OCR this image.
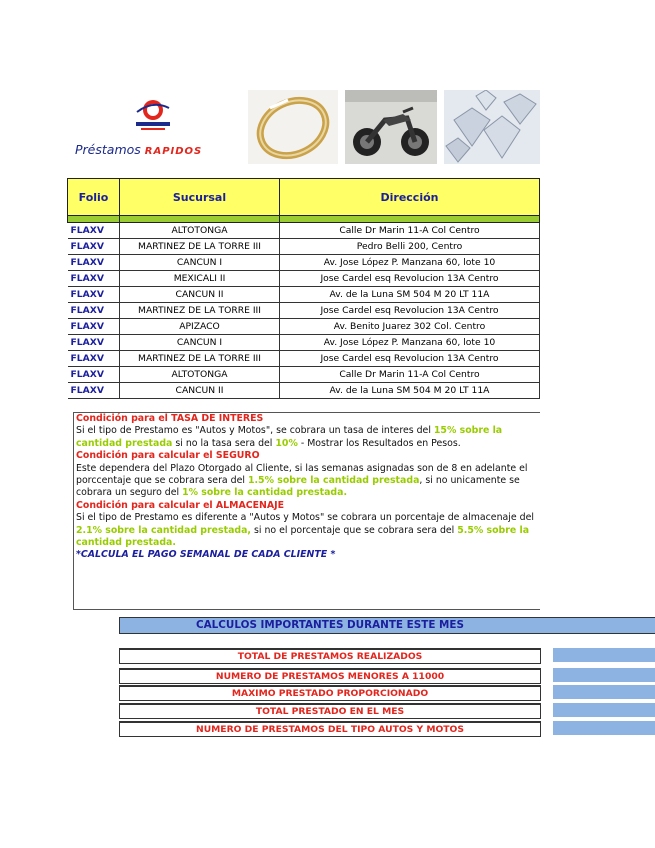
Préstamos RAPIDOS
Folio	Sucursal	Dirección

FLAXV	ALTOTONGA	Calle Dr Marin 11-A Col Centro
FLAXV	MARTINEZ DE LA TORRE III	Pedro Belli 200, Centro
FLAXV	CANCUN I	Av. Jose López P. Manzana 60, lote 10
FLAXV	MEXICALI II	Jose Cardel esq Revolucion 13A Centro
FLAXV	CANCUN II	Av. de la Luna SM 504 M 20 LT 11A
FLAXV	MARTINEZ DE LA TORRE III	Jose Cardel esq Revolucion 13A Centro
FLAXV	APIZACO	Av. Benito Juarez 302 Col. Centro
FLAXV	CANCUN I	Av. Jose López P. Manzana 60, lote 10
FLAXV	MARTINEZ DE LA TORRE III	Jose Cardel esq Revolucion 13A Centro
FLAXV	ALTOTONGA	Calle Dr Marin 11-A Col Centro
FLAXV	CANCUN II	Av. de la Luna SM 504 M 20 LT 11A
Condición para el TASA DE INTERES
Si el tipo de Prestamo es "Autos y Motos", se cobrara un tasa de interes del 15% sobre la
cantidad prestada si no la tasa sera del 10% - Mostrar los Resultados en Pesos.
Condición para calcular el SEGURO
Este dependera del Plazo Otorgado al Cliente, si las semanas asignadas son de 8 en adelante el
porccentaje que se cobrara sera del 1.5% sobre la cantidad prestada, si no unicamente se
cobrara un seguro del 1% sobre la cantidad prestada.
Condición para calcular el ALMACENAJE
Si el tipo de Prestamo es diferente a "Autos y Motos" se cobrara un porcentaje de almacenaje del
2.1% sobre la cantidad prestada, si no el porcentaje que se cobrara sera del 5.5% sobre la
cantidad prestada.
*CALCULA EL PAGO SEMANAL DE CADA CLIENTE *
CALCULOS IMPORTANTES DURANTE ESTE MES
TOTAL DE PRESTAMOS REALIZADOS
NUMERO DE PRESTAMOS MENORES A 11000
MAXIMO PRESTADO PROPORCIONADO
TOTAL PRESTADO EN EL MES
NUMERO DE PRESTAMOS DEL TIPO AUTOS Y MOTOS
